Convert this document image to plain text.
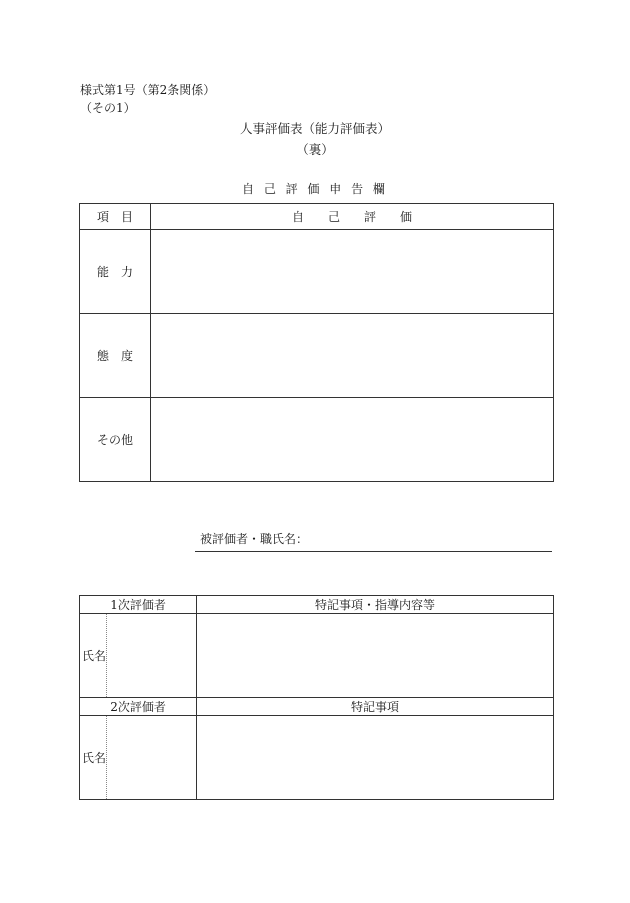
様式第1号（第2条関係）
（その1）
人事評価表（能力評価表）
（裏）
自 己 評 価 申 告 欄
項　目	自　　己　　評　　価
能　力	
態　度	
その他	
被評価者・職氏名：
1次評価者		特記事項・指導内容等
氏名		
2次評価者		特記事項
氏名		
